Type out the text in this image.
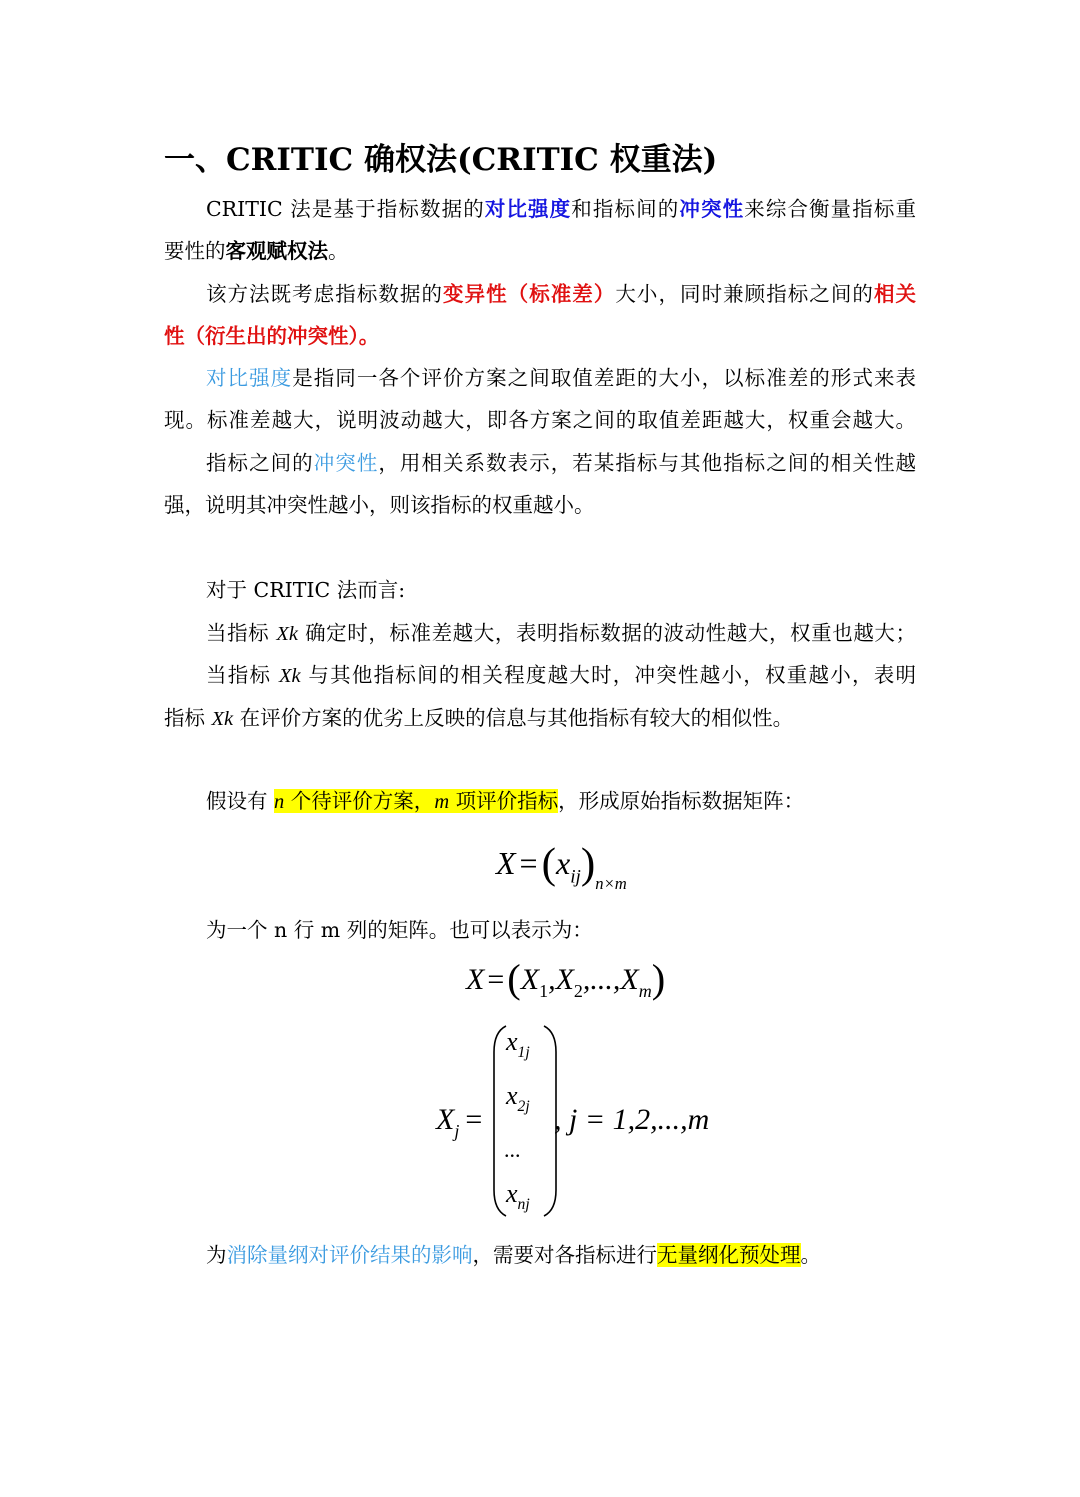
一、CRITIC 确权法(CRITIC 权重法)
CRITIC 法是基于指标数据的对比强度和指标间的冲突性来综合衡量指标重
要性的客观赋权法。
该方法既考虑指标数据的变异性（标准差）大小，同时兼顾指标之间的相关
性（衍生出的冲突性）。
对比强度是指同一各个评价方案之间取值差距的大小，以标准差的形式来表
现。标准差越大，说明波动越大，即各方案之间的取值差距越大，权重会越大。
指标之间的冲突性，用相关系数表示，若某指标与其他指标之间的相关性越
强，说明其冲突性越小，则该指标的权重越小。
对于 CRITIC 法而言:
当指标 Xk 确定时，标准差越大，表明指标数据的波动性越大，权重也越大；
当指标 Xk 与其他指标间的相关程度越大时，冲突性越小，权重越小，表明
指标 Xk 在评价方案的优劣上反映的信息与其他指标有较大的相似性。
假设有 n 个待评价方案，m 项评价指标，形成原始指标数据矩阵：
$X =(x_{ij})_{n\times m}$
为一个 n 行 m 列的矩阵。也可以表示为：
$X =(X_1,X_2,...,X_m)$
$X_j$ =
$x_{1j}$
$x_{2j}$
...
$x_{nj}$
, j = 1,2,...,m
为消除量纲对评价结果的影响，需要对各指标进行无量纲化预处理。
